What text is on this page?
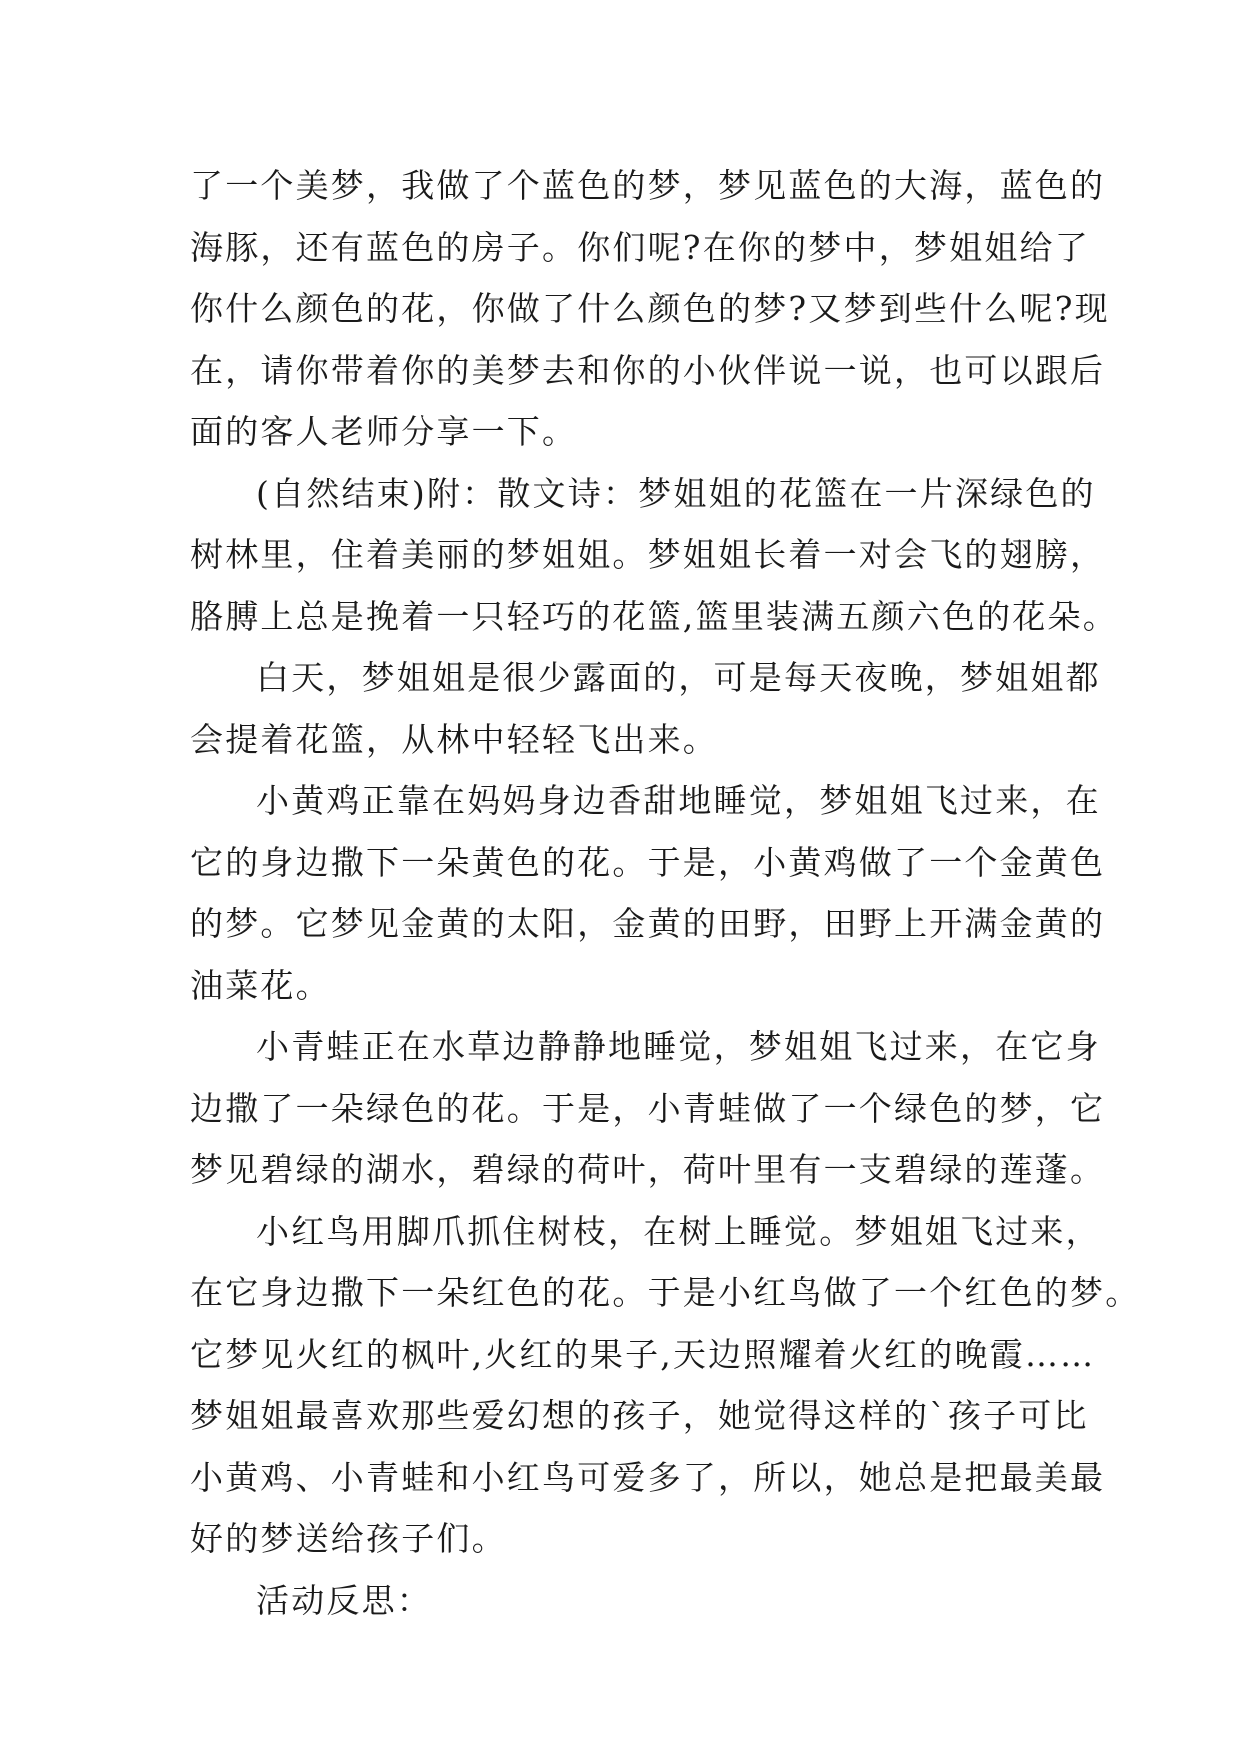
了一个美梦，我做了个蓝色的梦，梦见蓝色的大海，蓝色的
海豚，还有蓝色的房子。你们呢?在你的梦中，梦姐姐给了
你什么颜色的花，你做了什么颜色的梦?又梦到些什么呢?现
在，请你带着你的美梦去和你的小伙伴说一说，也可以跟后
面的客人老师分享一下。
(自然结束)附：散文诗：梦姐姐的花篮在一片深绿色的
树林里，住着美丽的梦姐姐。梦姐姐长着一对会飞的翅膀，
胳膊上总是挽着一只轻巧的花篮,篮里装满五颜六色的花朵。
白天，梦姐姐是很少露面的，可是每天夜晚，梦姐姐都
会提着花篮，从林中轻轻飞出来。
小黄鸡正靠在妈妈身边香甜地睡觉，梦姐姐飞过来，在
它的身边撒下一朵黄色的花。于是，小黄鸡做了一个金黄色
的梦。它梦见金黄的太阳，金黄的田野，田野上开满金黄的
油菜花。
小青蛙正在水草边静静地睡觉，梦姐姐飞过来，在它身
边撒了一朵绿色的花。于是，小青蛙做了一个绿色的梦，它
梦见碧绿的湖水，碧绿的荷叶，荷叶里有一支碧绿的莲蓬。
小红鸟用脚爪抓住树枝，在树上睡觉。梦姐姐飞过来，
在它身边撒下一朵红色的花。于是小红鸟做了一个红色的梦。
它梦见火红的枫叶,火红的果子,天边照耀着火红的晚霞……
梦姐姐最喜欢那些爱幻想的孩子，她觉得这样的`孩子可比
小黄鸡、小青蛙和小红鸟可爱多了，所以，她总是把最美最
好的梦送给孩子们。
活动反思：
